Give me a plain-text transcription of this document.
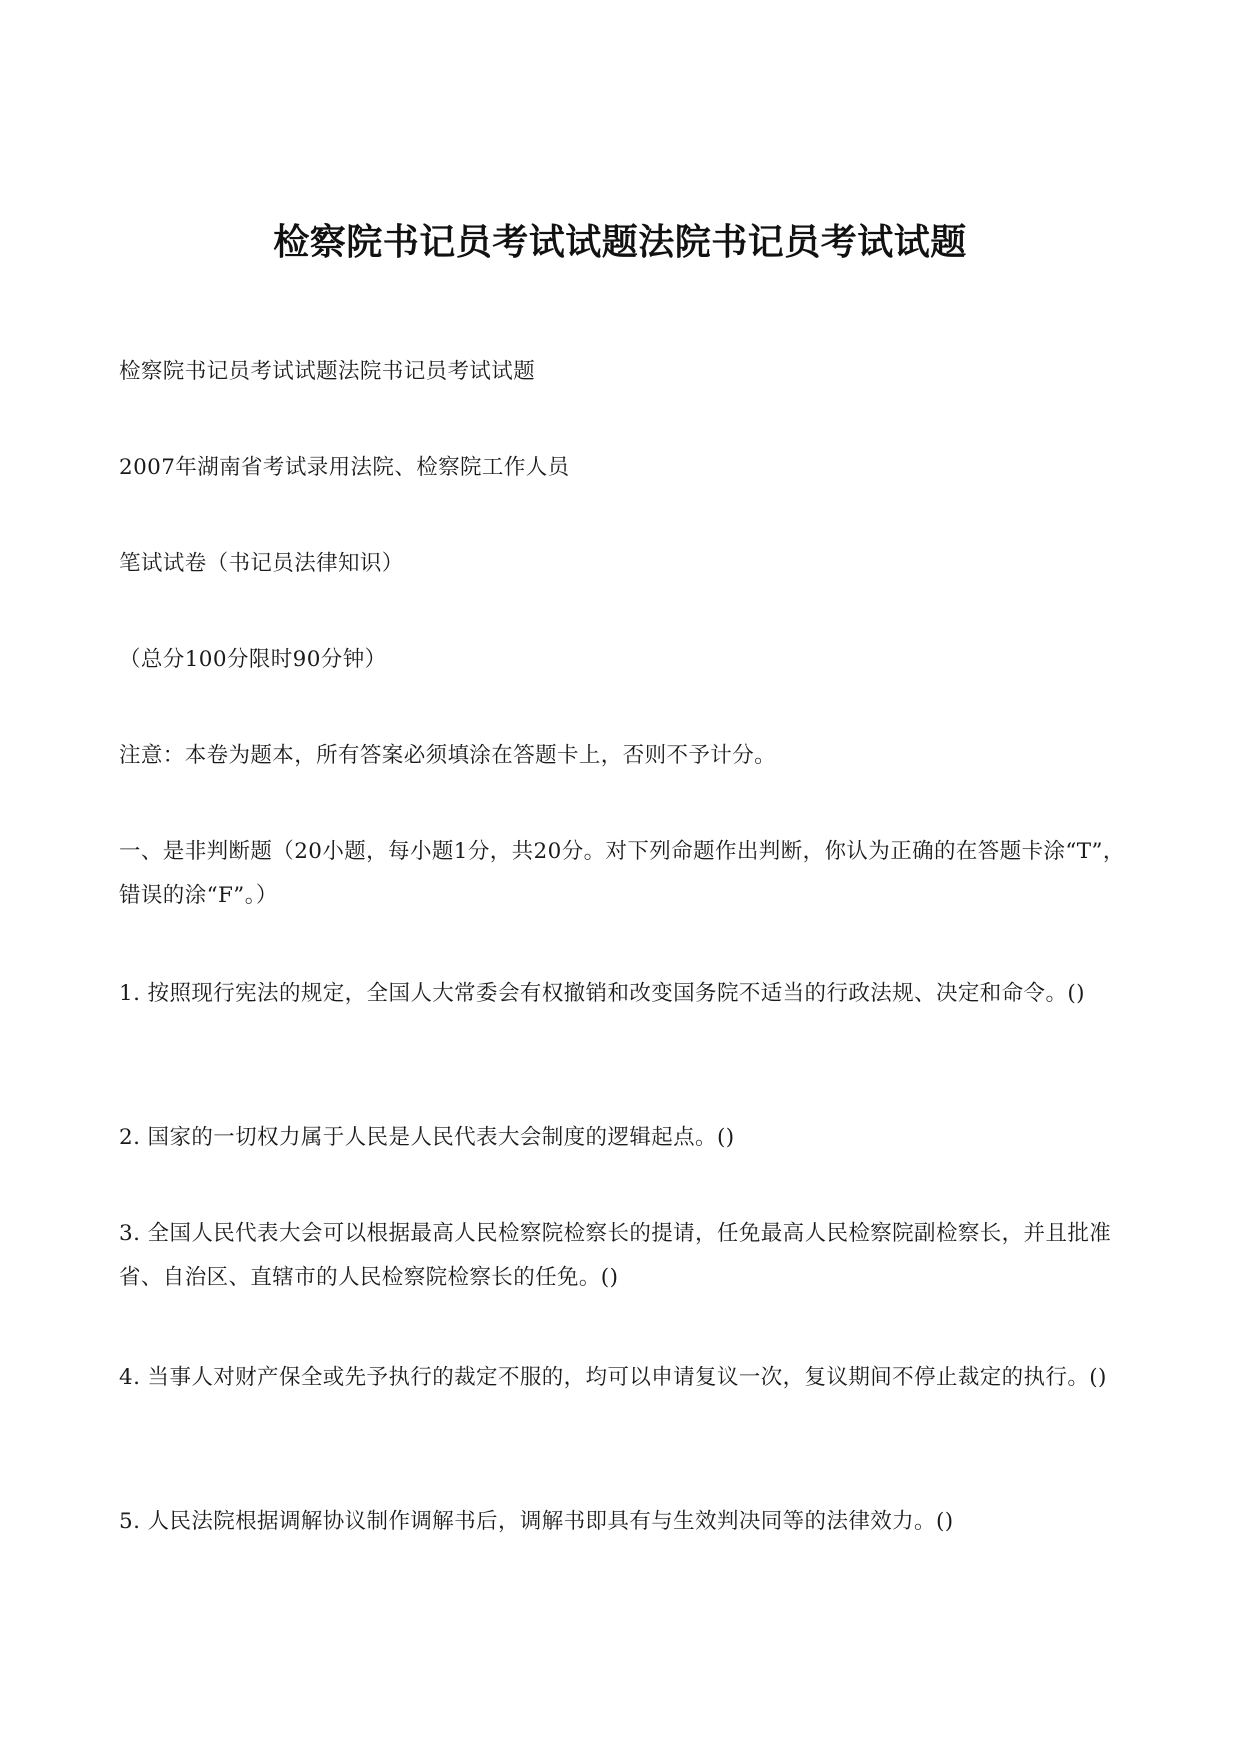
检察院书记员考试试题法院书记员考试试题

检察院书记员考试试题法院书记员考试试题

2007年湖南省考试录用法院、检察院工作人员

笔试试卷（书记员法律知识）

（总分100分限时90分钟）

注意：本卷为题本，所有答案必须填涂在答题卡上，否则不予计分。

一、是非判断题（20小题，每小题1分，共20分。对下列命题作出判断，你认为正确的在答题卡涂“T”，错误的涂“F”。）

1. 按照现行宪法的规定，全国人大常委会有权撤销和改变国务院不适当的行政法规、决定和命令。()

2. 国家的一切权力属于人民是人民代表大会制度的逻辑起点。()

3. 全国人民代表大会可以根据最高人民检察院检察长的提请，任免最高人民检察院副检察长，并且批准省、自治区、直辖市的人民检察院检察长的任免。()

4. 当事人对财产保全或先予执行的裁定不服的，均可以申请复议一次，复议期间不停止裁定的执行。()

5. 人民法院根据调解协议制作调解书后，调解书即具有与生效判决同等的法律效力。()
